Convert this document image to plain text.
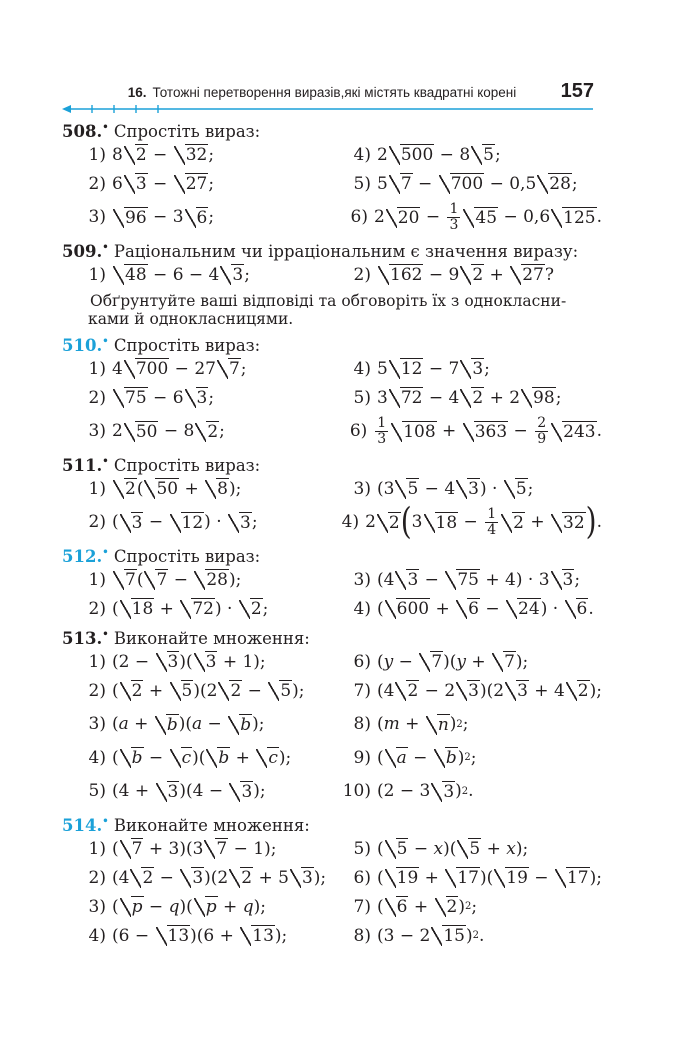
16. Тотожні перетворення виразів,які містять квадратні корені	157
508.• Спростіть вираз:
1) 8 2 − 32 ;	4) 2 500 − 8 5 ;
2) 6 3 − 27 ;	5) 5 7 − 700 − 0,5 28 ;
3)	96 − 3 6 ;	6) 2 $20 - \frac{1}{3} 45 - 0,6$ 125 .
509.• Раціональним чи ірраціональним є значення виразу:
1)	48 − 6 − 4 3 ;	2)	162 − 9 2 + 27 ?
Обґрунтуйте ваші відповіді та обговоріть їх з однокласни-
ками й однокласницями.
510.• Спростіть вираз:
1) 4 700 − 27 7 ;	4) 5 12 − 7 3 ;
2)	75 − 6 3 ;	5) 3 72 − 4 2 + 2 98 ;
3) 2 50 − 8 2 ;	$6) \frac{1}{3} 108 + 363 - \frac{2}{9} 243$ .
511.• Спростіть вираз:
1)	2 ( 50 + 8 );	3) (3 5 − 4 3 ) · 5 ;
2) ( 3 − 12 ) · 3 ;	4) 2 2 ( 3 $18 - \frac{1}{4} 2 + 32$ ) .
512.• Спростіть вираз:
1)	7 ( 7 − 28 );	3) (4 3 − 75 + 4) · 3 3 ;
2) ( 18 + 72 ) · 2 ;	4) ( 600 + 6 − 24 ) · 6 .
513.• Виконайте множення:
1) (2 − 3 )( 3 + 1);	6) ( y − 7 )( y + 7 );
2) ( 2 + 5 )(2 2 − 5 );	7) (4 2 − 2 3 )(2 3 + 4 2 );
3) ( a + b )( a − b );	8) ( m + n ) 2 ;
4) ( b − c )( b + c );	9) ( a − b ) 2 ;
5) (4 + 3 )(4 − 3 );	10) (2 − 3 3 ) 2 .
514.• Виконайте множення:
1) ( 7 + 3)(3 7 − 1);	5) ( 5 − x )( 5 + x );
2) (4 2 − 3 )(2 2 + 5 3 );	6) ( 19 + 17 )( 19 − 17 );
3) ( p − q )( p + q );	7) ( 6 + 2 ) 2 ;
4) (6 − 13 )(6 + 13 );	8) (3 − 2 15 ) 2 .
